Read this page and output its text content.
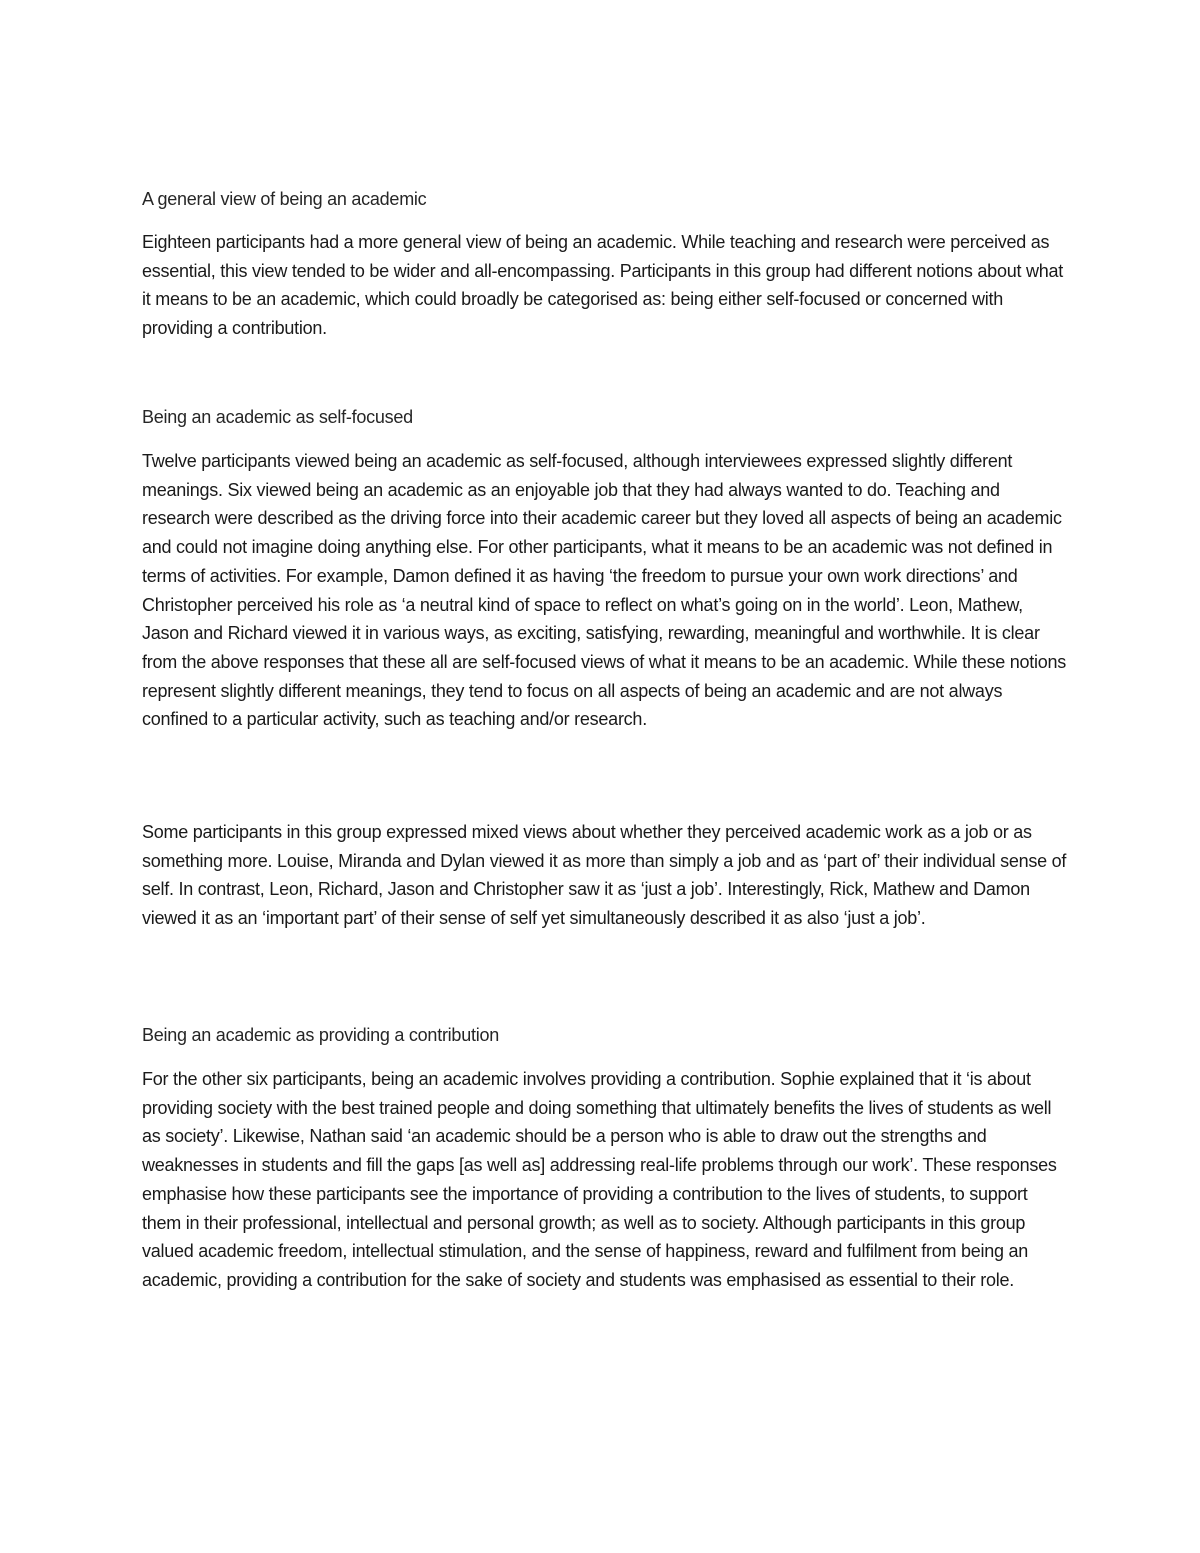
A general view of being an academic

Eighteen participants had a more general view of being an academic. While teaching and research were perceived as essential, this view tended to be wider and all-encompassing. Participants in this group had different notions about what it means to be an academic, which could broadly be categorised as: being either self-focused or concerned with providing a contribution.

Being an academic as self-focused

Twelve participants viewed being an academic as self-focused, although interviewees expressed slightly different meanings. Six viewed being an academic as an enjoyable job that they had always wanted to do. Teaching and research were described as the driving force into their academic career but they loved all aspects of being an academic and could not imagine doing anything else. For other participants, what it means to be an academic was not defined in terms of activities. For example, Damon defined it as having ‘the freedom to pursue your own work directions’ and Christopher perceived his role as ‘a neutral kind of space to reflect on what’s going on in the world’. Leon, Mathew, Jason and Richard viewed it in various ways, as exciting, satisfying, rewarding, meaningful and worthwhile. It is clear from the above responses that these all are self-focused views of what it means to be an academic. While these notions represent slightly different meanings, they tend to focus on all aspects of being an academic and are not always confined to a particular activity, such as teaching and/or research.

Some participants in this group expressed mixed views about whether they perceived academic work as a job or as something more. Louise, Miranda and Dylan viewed it as more than simply a job and as ‘part of’ their individual sense of self. In contrast, Leon, Richard, Jason and Christopher saw it as ‘just a job’. Interestingly, Rick, Mathew and Damon viewed it as an ‘important part’ of their sense of self yet simultaneously described it as also ‘just a job’.

Being an academic as providing a contribution

For the other six participants, being an academic involves providing a contribution. Sophie explained that it ‘is about providing society with the best trained people and doing something that ultimately benefits the lives of students as well as society’. Likewise, Nathan said ‘an academic should be a person who is able to draw out the strengths and weaknesses in students and fill the gaps [as well as] addressing real-life problems through our work’. These responses emphasise how these participants see the importance of providing a contribution to the lives of students, to support them in their professional, intellectual and personal growth; as well as to society. Although participants in this group valued academic freedom, intellectual stimulation, and the sense of happiness, reward and fulfilment from being an academic, providing a contribution for the sake of society and students was emphasised as essential to their role.
